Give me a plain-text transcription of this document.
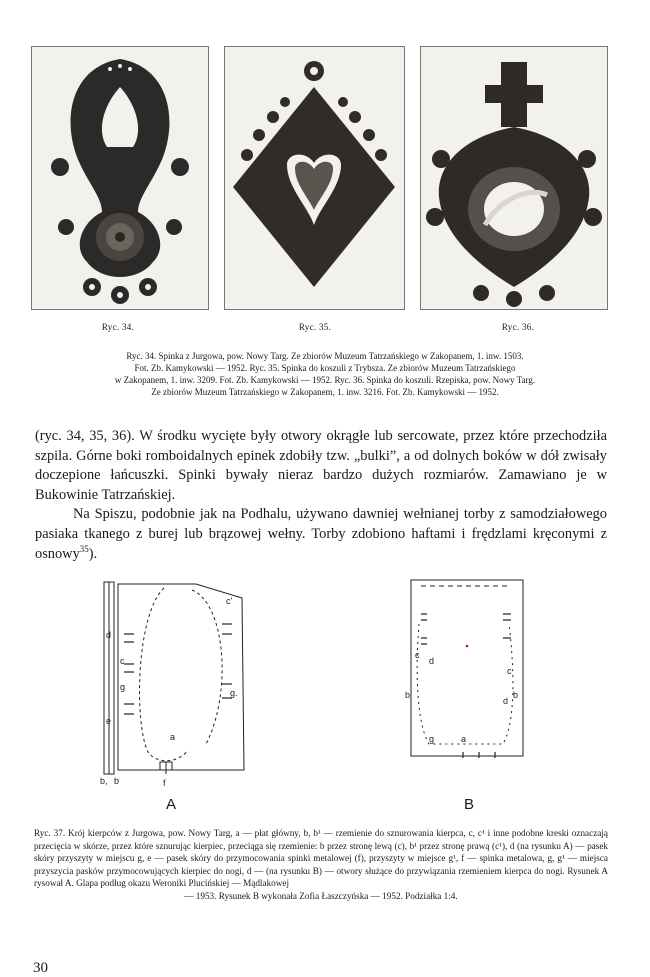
Ryc. 34.	Ryc. 35.	Ryc. 36.
Ryc. 34. Spinka z Jurgowa, pow. Nowy Targ. Ze zbiorów Muzeum Tatrzańskiego w Zakopanem, 1. inw. 1503.
Fot. Zb. Kamykowski — 1952. Ryc. 35. Spinka do koszuli z Trybsza. Ze zbiorów Muzeum Tatrzańskiego
w Zakopanem, 1. inw. 3209. Fot. Zb. Kamykowski — 1952. Ryc. 36. Spinka do koszuli. Rzepiska, pow. Nowy Targ.
Ze zbiorów Muzeum Tatrzańskiego w Zakopanem, 1. inw. 3216. Fot. Zb. Kamykowski — 1952.

(ryc. 34, 35, 36). W środku wycięte były otwory okrągłe lub sercowate, przez które przechodziła szpila. Górne boki romboidalnych epinek zdobiły tzw. „bulki”, a od dolnych boków w dół zwisały doczepione łańcuszki. Spinki bywały nieraz bardzo dużych rozmiarów. Zamawiano je w Bukowinie Tatrzańskiej.

Na Spiszu, podobnie jak na Podhalu, używano dawniej wełnianej torby z samodziałowego pasiaka tkanego z burej lub brązowej wełny. Torby zdobiono haftami i frędzlami kręconymi z osnowy$^{35}$).

c'
d
c
g
e
g.
a
f
b, b
a
c
d
b	b
g
d
c
A	B

Ryc. 37. Krój kierpców z Jurgowa, pow. Nowy Targ, a — płat główny, b, b¹ — rzemienie do sznurowania kierpca, c, c¹ i inne podobne kreski oznaczają przecięcia w skórze, przez które sznurując kierpiec, przeciąga się rzemienie: b przez stronę lewą (c), b¹ przez stronę prawą (c¹), d (na rysunku A) — pasek skóry przyszyty w miejscu g, e — pasek skóry do przymocowania spinki metalowej (f), przyszyty w miejsce g¹, f — spinka metalowa, g, g¹ — miejsca przyszycia pasków przymocowujących kierpiec do nogi, d — (na rysunku B) — otwory służące do przywiązania rzemieniem kierpca do nogi. Rysunek A rysował A. Glapa podług okazu Weroniki Plucińskiej — Mądlakowej

— 1953. Rysunek B wykonała Zofia Łaszczyńska — 1952. Podziałka 1:4.

30
